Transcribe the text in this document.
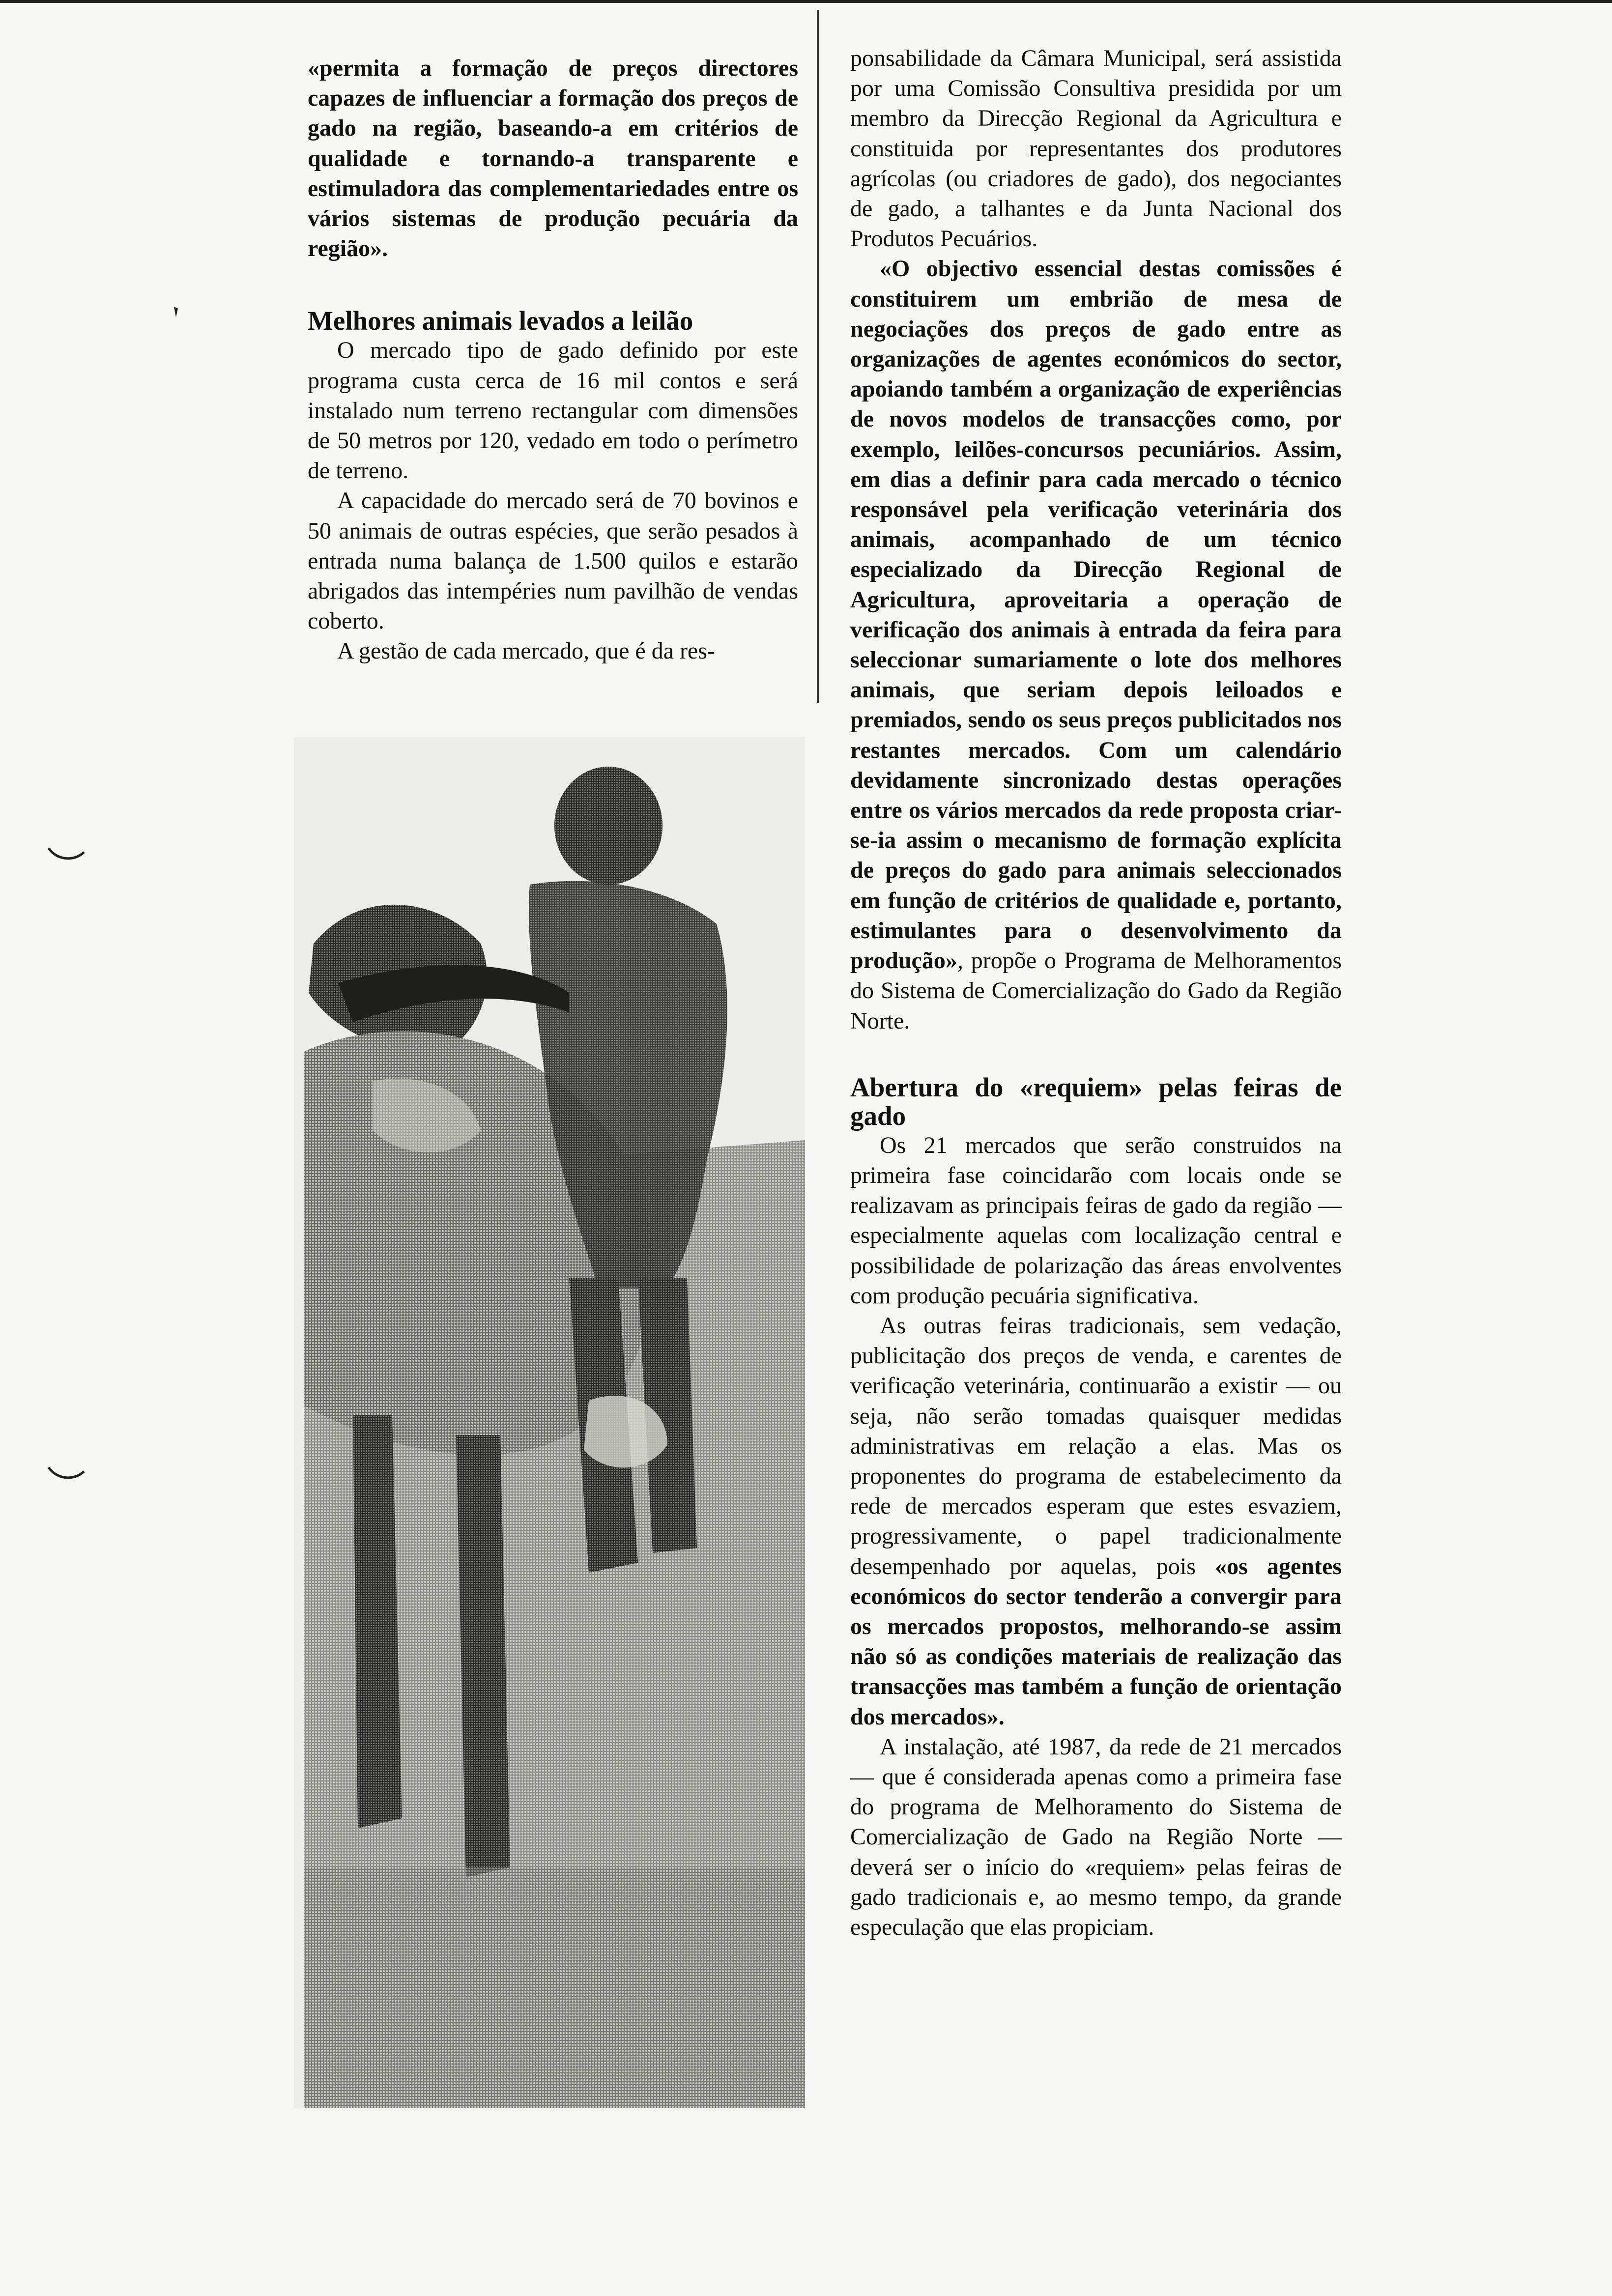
«permita a formação de preços directores capazes de influenciar a formação dos preços de gado na região, baseando-a em critérios de qualidade e tornando-a transparente e estimuladora das complementariedades entre os vários sistemas de produção pecuária da região».

Melhores animais levados a leilão

O mercado tipo de gado definido por este programa custa cerca de 16 mil contos e será instalado num terreno rectangular com dimensões de 50 metros por 120, vedado em todo o perímetro de terreno.

A capacidade do mercado será de 70 bovinos e 50 animais de outras espécies, que serão pesados à entrada numa balança de 1.500 quilos e estarão abrigados das intempéries num pavilhão de vendas coberto.

A gestão de cada mercado, que é da res-

ponsabilidade da Câmara Municipal, será assistida por uma Comissão Consultiva presidida por um membro da Direcção Regional da Agricultura e constituida por representantes dos produtores agrícolas (ou criadores de gado), dos negociantes de gado, a talhantes e da Junta Nacional dos Produtos Pecuários.

«O objectivo essencial destas comissões é constituirem um embrião de mesa de negociações dos preços de gado entre as organizações de agentes económicos do sector, apoiando também a organização de experiências de novos modelos de transacções como, por exemplo, leilões-concursos pecuniários. Assim, em dias a definir para cada mercado o técnico responsável pela verificação veterinária dos animais, acompanhado de um técnico especializado da Direcção Regional de Agricultura, aproveitaria a operação de verificação dos animais à entrada da feira para seleccionar sumariamente o lote dos melhores animais, que seriam depois leiloados e premiados, sendo os seus preços publicitados nos restantes mercados. Com um calendário devidamente sincronizado destas operações entre os vários mercados da rede proposta criar-se-ia assim o mecanismo de formação explícita de preços do gado para animais seleccionados em função de critérios de qualidade e, portanto, estimulantes para o desenvolvimento da produção», propõe o Programa de Melhoramentos do Sistema de Comercialização do Gado da Região Norte.

Abertura do «requiem» pelas feiras de gado

Os 21 mercados que serão construidos na primeira fase coincidarão com locais onde se realizavam as principais feiras de gado da região — especialmente aquelas com localização central e possibilidade de polarização das áreas envolventes com produção pecuária significativa.

As outras feiras tradicionais, sem vedação, publicitação dos preços de venda, e carentes de verificação veterinária, continuarão a existir — ou seja, não serão tomadas quaisquer medidas administrativas em relação a elas. Mas os proponentes do programa de estabelecimento da rede de mercados esperam que estes esvaziem, progressivamente, o papel tradicionalmente desempenhado por aquelas, pois «os agentes económicos do sector tenderão a convergir para os mercados propostos, melhorando-se assim não só as condições materiais de realização das transacções mas também a função de orientação dos mercados».

A instalação, até 1987, da rede de 21 mercados — que é considerada apenas como a primeira fase do programa de Melhoramento do Sistema de Comercialização de Gado na Região Norte — deverá ser o início do «requiem» pelas feiras de gado tradicionais e, ao mesmo tempo, da grande especulação que elas propiciam.
